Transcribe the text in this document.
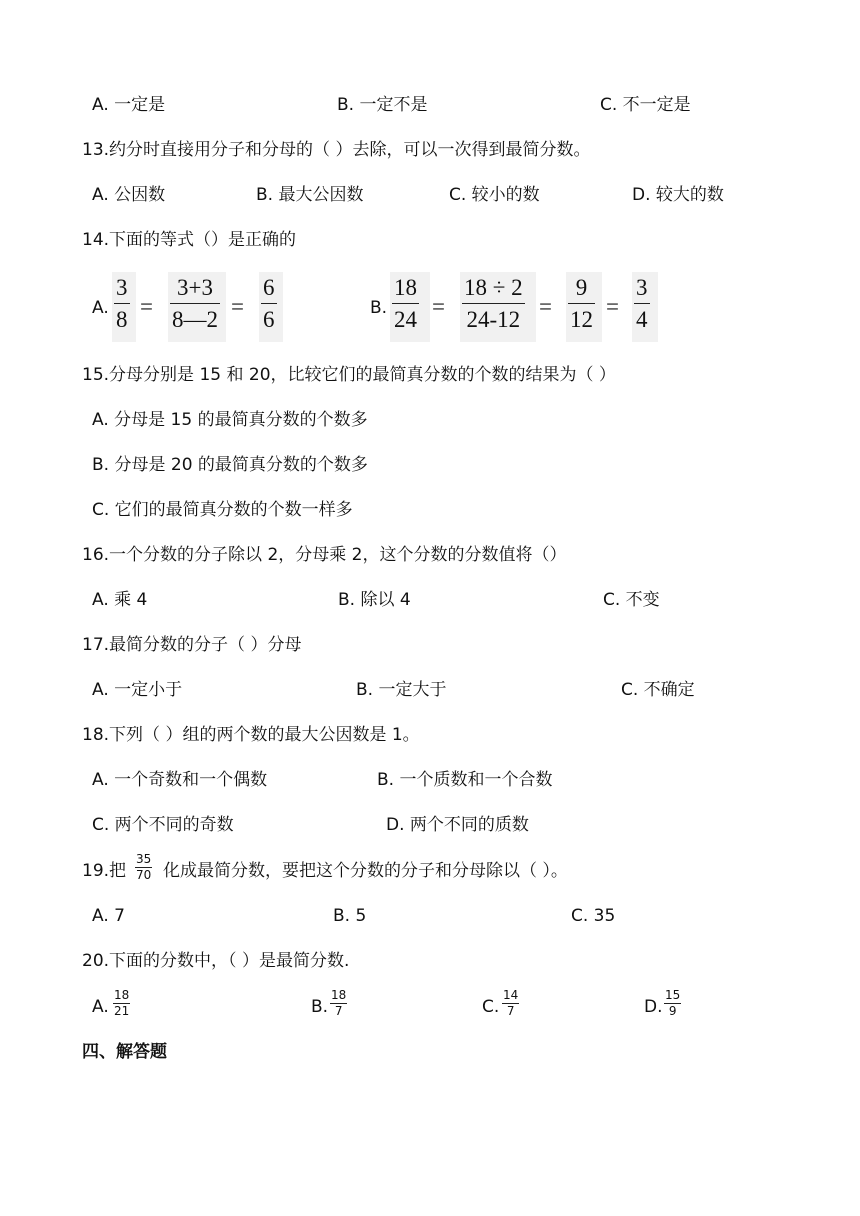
A. 一定是	B. 一定不是	C. 不一定是
13.约分时直接用分子和分母的（ ）去除，可以一次得到最简分数。
A. 公因数	B. 最大公因数	C. 较小的数	D. 较大的数
14.下面的等式（）是正确的
A.
3
8
=
3+3
8—2
=
6
6	B.
18
24
=
18 ÷ 2
24-12
=
9
12
=
3
4
15.分母分别是 15 和 20，比较它们的最简真分数的个数的结果为（ ）
A. 分母是 15 的最简真分数的个数多
B. 分母是 20 的最简真分数的个数多
C. 它们的最简真分数的个数一样多
16.一个分数的分子除以 2，分母乘 2，这个分数的分数值将（）
A. 乘 4	B. 除以 4	C. 不变
17.最简分数的分子（ ）分母
A. 一定小于	B. 一定大于	C. 不确定
18.下列（ ）组的两个数的最大公因数是 1。
A. 一个奇数和一个偶数	B. 一个质数和一个合数
C. 两个不同的奇数	D. 两个不同的质数
19.把
35
70 化成最简分数，要把这个分数的分子和分母除以（ ）。
A. 7	B. 5	C. 35
20.下面的分数中，（ ）是最简分数.
A.
18
21	B.
18
7	C.
14
7	D.
15
9
四、解答题
